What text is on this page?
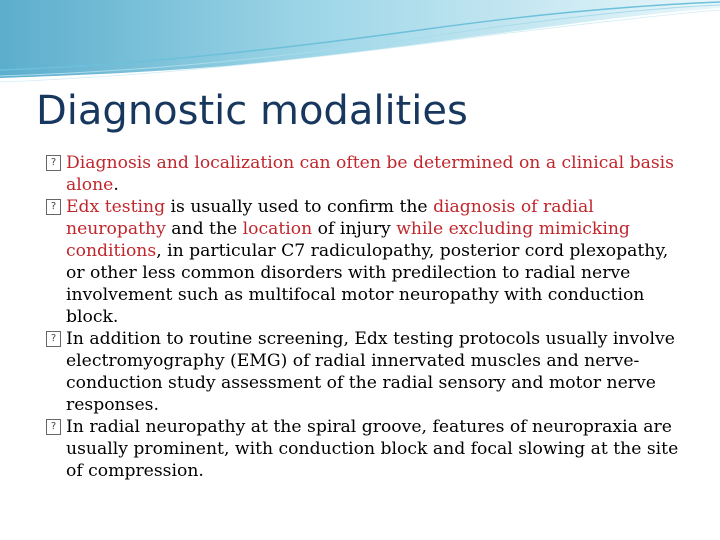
Diagnostic modalities

? Diagnosis and localization can often be determined on a clinical basis alone.

? Edx testing is usually used to confirm the diagnosis of radial neuropathy and the location of injury while excluding mimicking conditions, in particular C7 radiculopathy, posterior cord plexopathy, or other less common disorders with predilection to radial nerve involvement such as multifocal motor neuropathy with conduction block.

? In addition to routine screening, Edx testing protocols usually involve electromyography (EMG) of radial innervated muscles and nerve-conduction study assessment of the radial sensory and motor nerve responses.

? In radial neuropathy at the spiral groove, features of neuropraxia are usually prominent, with conduction block and focal slowing at the site of compression.
